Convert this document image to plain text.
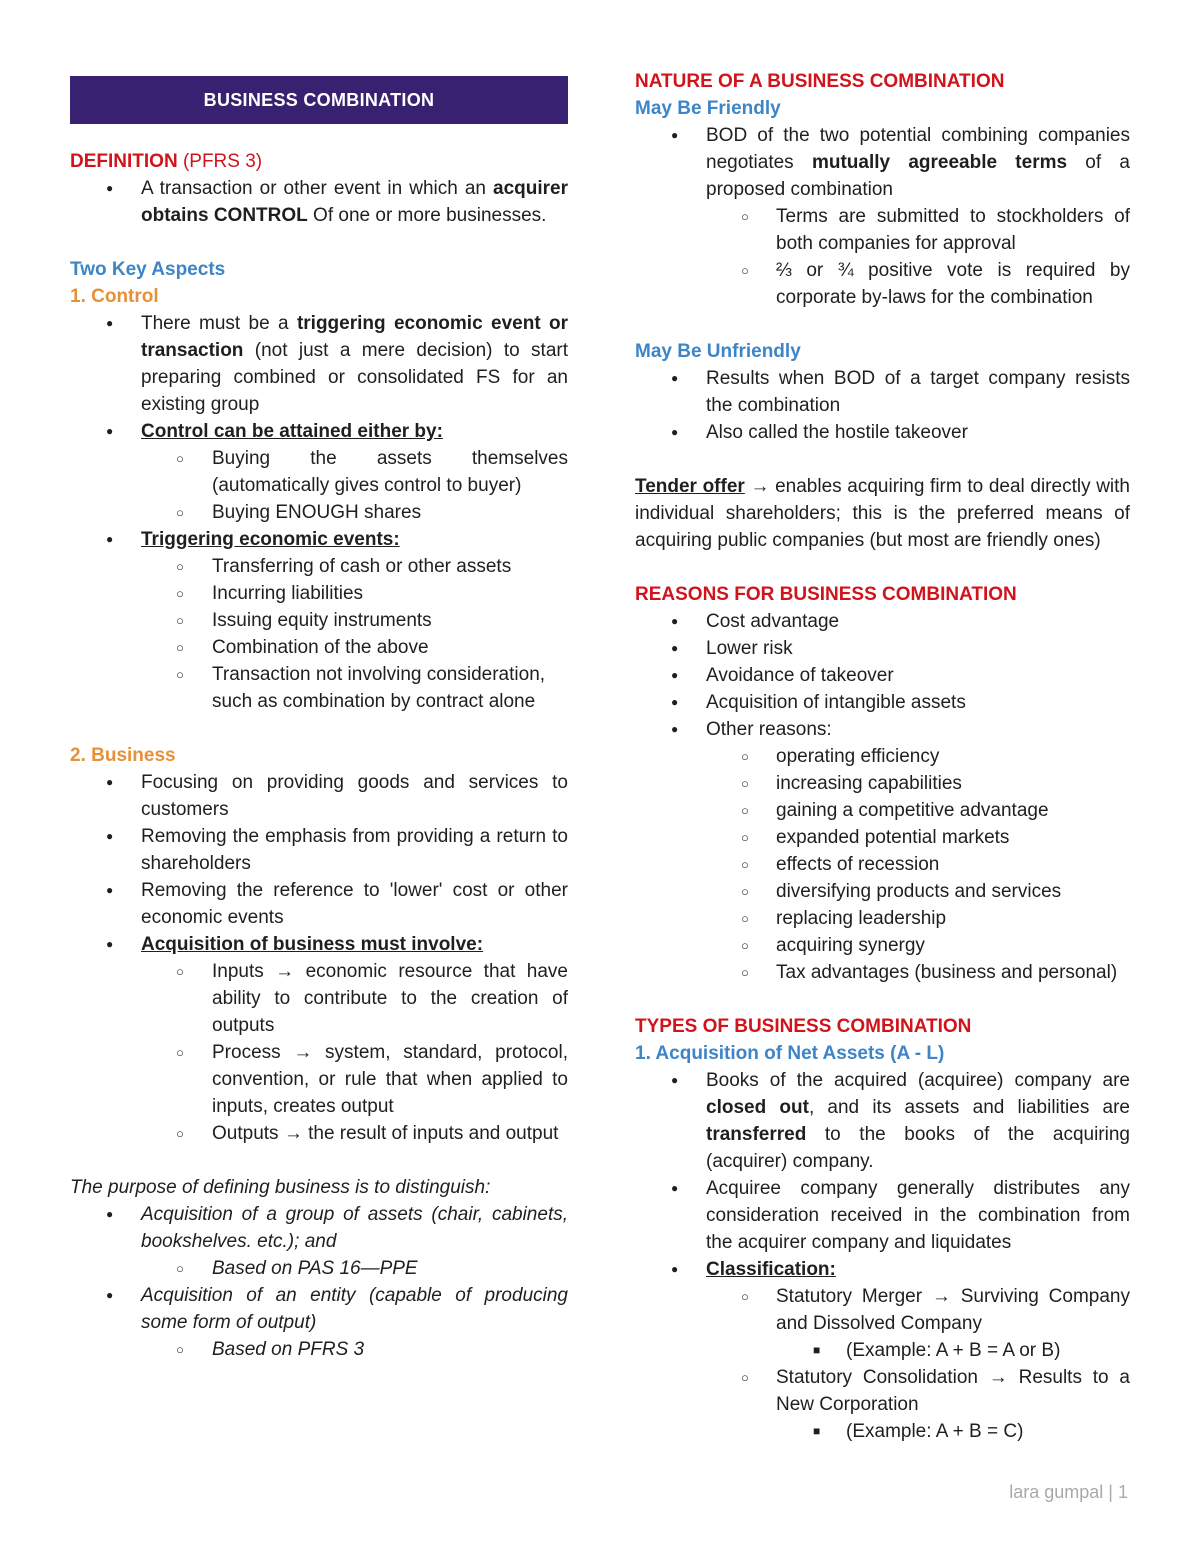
BUSINESS COMBINATION
DEFINITION (PFRS 3)
● A transaction or other event in which an acquirer obtains CONTROL Of one or more businesses.
Two Key Aspects
1. Control
● There must be a triggering economic event or transaction (not just a mere decision) to start preparing combined or consolidated FS for an existing group
● Control can be attained either by:
○ Buying the assets themselves (automatically gives control to buyer)
○ Buying ENOUGH shares
● Triggering economic events:
○ Transferring of cash or other assets
○ Incurring liabilities
○ Issuing equity instruments
○ Combination of the above
○ Transaction not involving consideration, such as combination by contract alone
2. Business
● Focusing on providing goods and services to customers
● Removing the emphasis from providing a return to shareholders
● Removing the reference to 'lower' cost or other economic events
● Acquisition of business must involve:
○ Inputs → economic resource that have ability to contribute to the creation of outputs
○ Process → system, standard, protocol, convention, or rule that when applied to inputs, creates output
○ Outputs → the result of inputs and output
The purpose of defining business is to distinguish:
● Acquisition of a group of assets (chair, cabinets, bookshelves. etc.); and
○ Based on PAS 16—PPE
● Acquisition of an entity (capable of producing some form of output)
○ Based on PFRS 3
NATURE OF A BUSINESS COMBINATION
May Be Friendly
● BOD of the two potential combining companies negotiates mutually agreeable terms of a proposed combination
○ Terms are submitted to stockholders of both companies for approval
○ ⅔ or ¾ positive vote is required by corporate by-laws for the combination
May Be Unfriendly
● Results when BOD of a target company resists the combination
● Also called the hostile takeover
Tender offer → enables acquiring firm to deal directly with individual shareholders; this is the preferred means of acquiring public companies (but most are friendly ones)
REASONS FOR BUSINESS COMBINATION
● Cost advantage
● Lower risk
● Avoidance of takeover
● Acquisition of intangible assets
● Other reasons:
○ operating efficiency
○ increasing capabilities
○ gaining a competitive advantage
○ expanded potential markets
○ effects of recession
○ diversifying products and services
○ replacing leadership
○ acquiring synergy
○ Tax advantages (business and personal)
TYPES OF BUSINESS COMBINATION
1. Acquisition of Net Assets (A - L)
● Books of the acquired (acquiree) company are closed out, and its assets and liabilities are transferred to the books of the acquiring (acquirer) company.
● Acquiree company generally distributes any consideration received in the combination from the acquirer company and liquidates
● Classification:
○ Statutory Merger → Surviving Company and Dissolved Company
■ (Example: A + B = A or B)
○ Statutory Consolidation → Results to a New Corporation
■ (Example: A + B = C)
lara gumpal | 1
